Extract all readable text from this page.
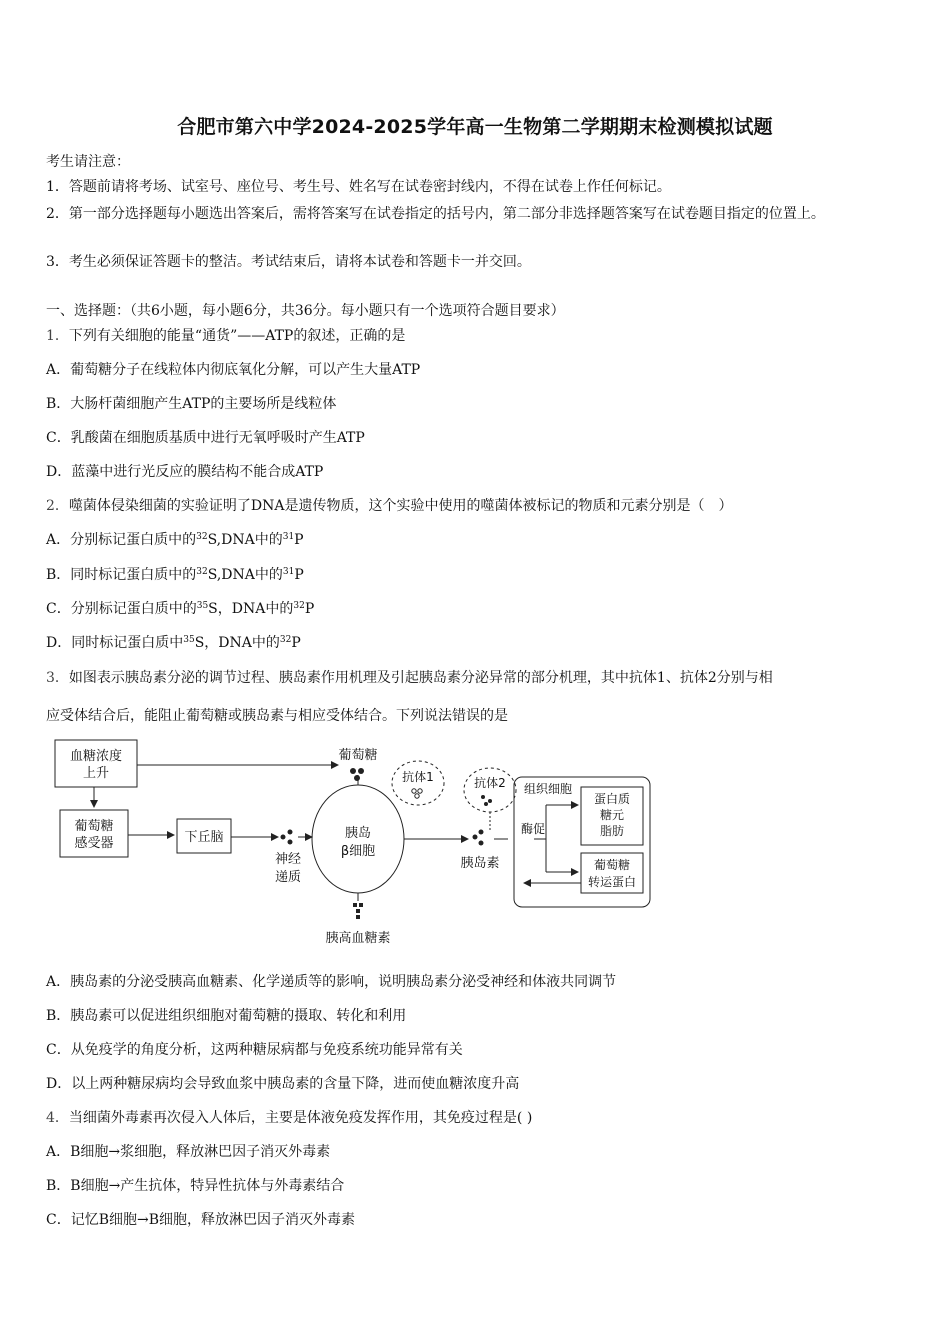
合肥市第六中学2024-2025学年高一生物第二学期期末检测模拟试题
考生请注意：
1．答题前请将考场、试室号、座位号、考生号、姓名写在试卷密封线内，不得在试卷上作任何标记。
2．第一部分选择题每小题选出答案后，需将答案写在试卷指定的括号内，第二部分非选择题答案写在试卷题目指定的位置上。
3．考生必须保证答题卡的整洁。考试结束后，请将本试卷和答题卡一并交回。
一、选择题：（共6小题，每小题6分，共36分。每小题只有一个选项符合题目要求）
1．下列有关细胞的能量“通货”——ATP的叙述，正确的是
A．葡萄糖分子在线粒体内彻底氧化分解，可以产生大量ATP
B．大肠杆菌细胞产生ATP的主要场所是线粒体
C．乳酸菌在细胞质基质中进行无氧呼吸时产生ATP
D．蓝藻中进行光反应的膜结构不能合成ATP
2．噬菌体侵染细菌的实验证明了DNA是遗传物质，这个实验中使用的噬菌体被标记的物质和元素分别是（　）
A．分别标记蛋白质中的$^{32}$S,DNA中的$^{31}$P
B．同时标记蛋白质中的$^{32}$S,DNA中的$^{31}$P
C．分别标记蛋白质中的$^{35}$S，DNA中的$^{32}$P
D．同时标记蛋白质中$^{35}$S，DNA中的$^{32}$P
3．如图表示胰岛素分泌的调节过程、胰岛素作用机理及引起胰岛素分泌异常的部分机理，其中抗体1、抗体2分别与相
应受体结合后，能阻止葡萄糖或胰岛素与相应受体结合。下列说法错误的是
血糖浓度
上升
葡萄糖
抗体1	抗体2
葡萄糖
感受器	下丘脑
神经
递质
胰岛
β细胞
胰岛素
胰高血糖素
组织细胞
酶促
蛋白质
糖元
脂肪
葡萄糖
转运蛋白
A．胰岛素的分泌受胰高血糖素、化学递质等的影响，说明胰岛素分泌受神经和体液共同调节
B．胰岛素可以促进组织细胞对葡萄糖的摄取、转化和利用
C．从免疫学的角度分析，这两种糖尿病都与免疫系统功能异常有关
D．以上两种糖尿病均会导致血浆中胰岛素的含量下降，进而使血糖浓度升高
4．当细菌外毒素再次侵入人体后，主要是体液免疫发挥作用，其免疫过程是( )
A．B细胞→浆细胞，释放淋巴因子消灭外毒素
B．B细胞→产生抗体，特异性抗体与外毒素结合
C．记忆B细胞→B细胞，释放淋巴因子消灭外毒素
